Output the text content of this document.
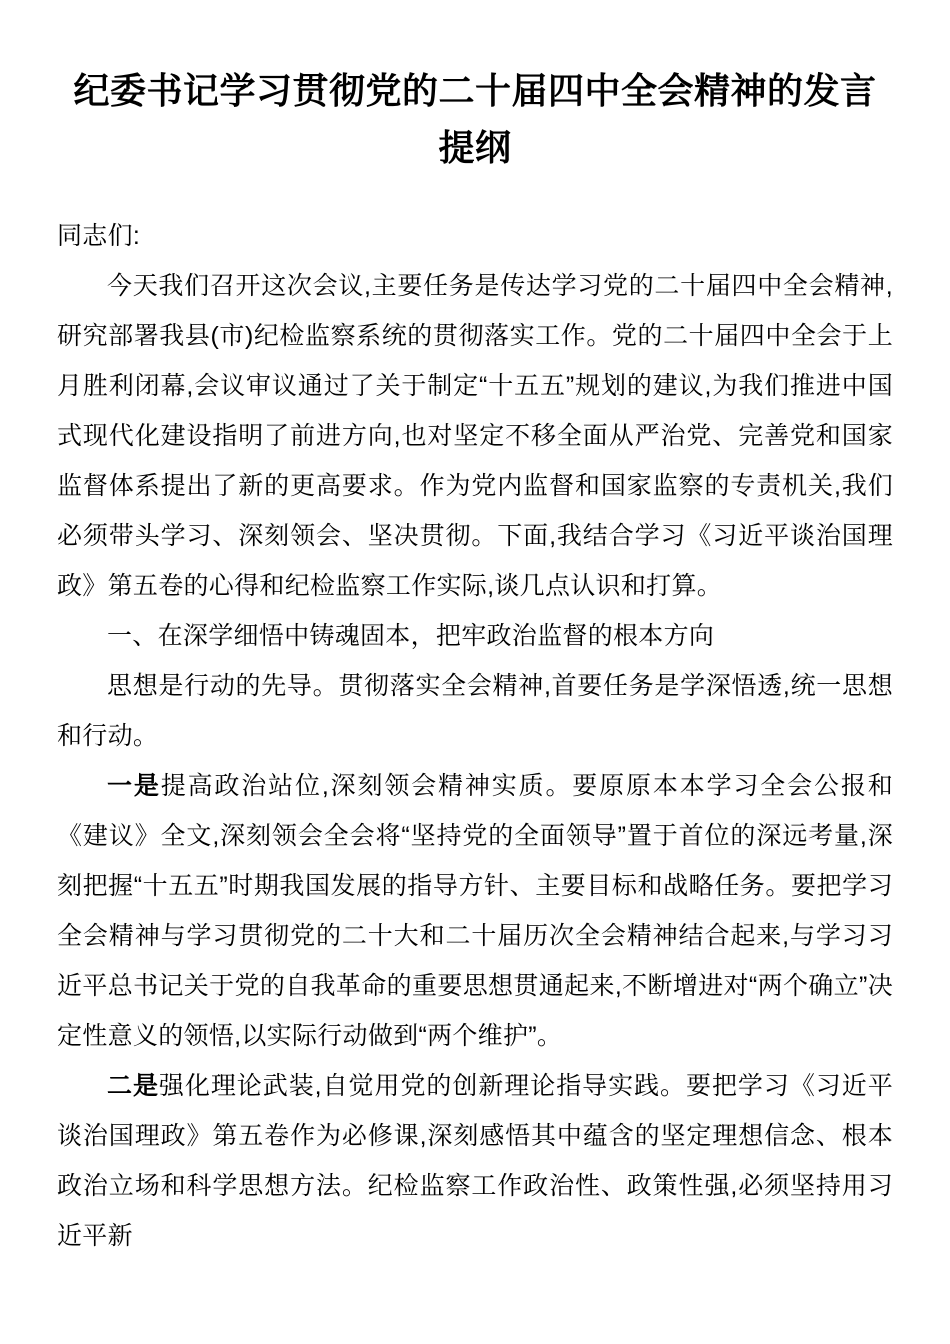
纪委书记学习贯彻党的二十届四中全会精神的发言提纲

同志们:

今天我们召开这次会议,主要任务是传达学习党的二十届四中全会精神,研究部署我县(市)纪检监察系统的贯彻落实工作。党的二十届四中全会于上月胜利闭幕,会议审议通过了关于制定“十五五”规划的建议,为我们推进中国式现代化建设指明了前进方向,也对坚定不移全面从严治党、完善党和国家监督体系提出了新的更高要求。作为党内监督和国家监察的专责机关,我们必须带头学习、深刻领会、坚决贯彻。下面,我结合学习《习近平谈治国理政》第五卷的心得和纪检监察工作实际,谈几点认识和打算。

一、在深学细悟中铸魂固本，把牢政治监督的根本方向

思想是行动的先导。贯彻落实全会精神,首要任务是学深悟透,统一思想和行动。

一是提高政治站位,深刻领会精神实质。要原原本本学习全会公报和《建议》全文,深刻领会全会将“坚持党的全面领导”置于首位的深远考量,深刻把握“十五五”时期我国发展的指导方针、主要目标和战略任务。要把学习全会精神与学习贯彻党的二十大和二十届历次全会精神结合起来,与学习习近平总书记关于党的自我革命的重要思想贯通起来,不断增进对“两个确立”决定性意义的领悟,以实际行动做到“两个维护”。

二是强化理论武装,自觉用党的创新理论指导实践。要把学习《习近平谈治国理政》第五卷作为必修课,深刻感悟其中蕴含的坚定理想信念、根本政治立场和科学思想方法。纪检监察工作政治性、政策性强,必须坚持用习近平新
